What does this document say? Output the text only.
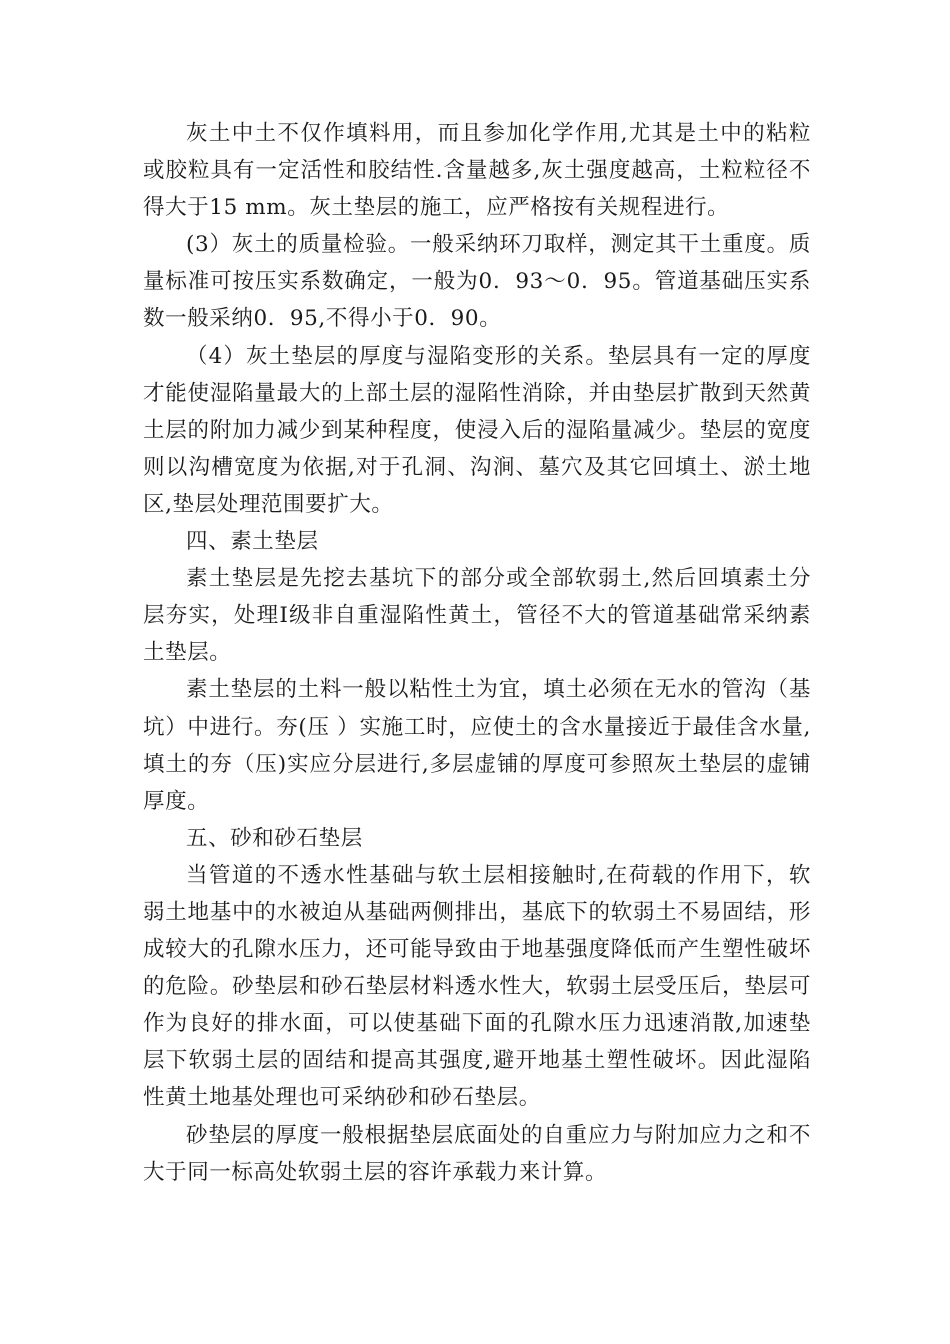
灰土中土不仅作填料用，而且参加化学作用,尤其是土中的粘粒或胶粒具有一定活性和胶结性.含量越多,灰土强度越高，土粒粒径不得大于15 mm。灰土垫层的施工，应严格按有关规程进行。

(3）灰土的质量检验。一般采纳环刀取样，测定其干土重度。质量标准可按压实系数确定，一般为0．93～0．95。管道基础压实系数一般采纳0．95,不得小于0．90。

（4）灰土垫层的厚度与湿陷变形的关系。垫层具有一定的厚度才能使湿陷量最大的上部土层的湿陷性消除，并由垫层扩散到天然黄土层的附加力减少到某种程度，使浸入后的湿陷量减少。垫层的宽度则以沟槽宽度为依据,对于孔洞、沟涧、墓穴及其它回填土、淤土地区,垫层处理范围要扩大。

四、素土垫层

素土垫层是先挖去基坑下的部分或全部软弱土,然后回填素土分层夯实，处理Ⅰ级非自重湿陷性黄土，管径不大的管道基础常采纳素土垫层。

素土垫层的土料一般以粘性土为宜，填土必须在无水的管沟（基坑）中进行。夯(压 ）实施工时，应使土的含水量接近于最佳含水量,填土的夯（压)实应分层进行,多层虚铺的厚度可参照灰土垫层的虚铺厚度。

五、砂和砂石垫层

当管道的不透水性基础与软土层相接触时,在荷载的作用下，软弱土地基中的水被迫从基础两侧排出，基底下的软弱土不易固结，形成较大的孔隙水压力，还可能导致由于地基强度降低而产生塑性破坏的危险。砂垫层和砂石垫层材料透水性大，软弱土层受压后，垫层可作为良好的排水面，可以使基础下面的孔隙水压力迅速消散,加速垫层下软弱土层的固结和提高其强度,避开地基土塑性破坏。因此湿陷性黄土地基处理也可采纳砂和砂石垫层。

砂垫层的厚度一般根据垫层底面处的自重应力与附加应力之和不大于同一标高处软弱土层的容许承载力来计算。
